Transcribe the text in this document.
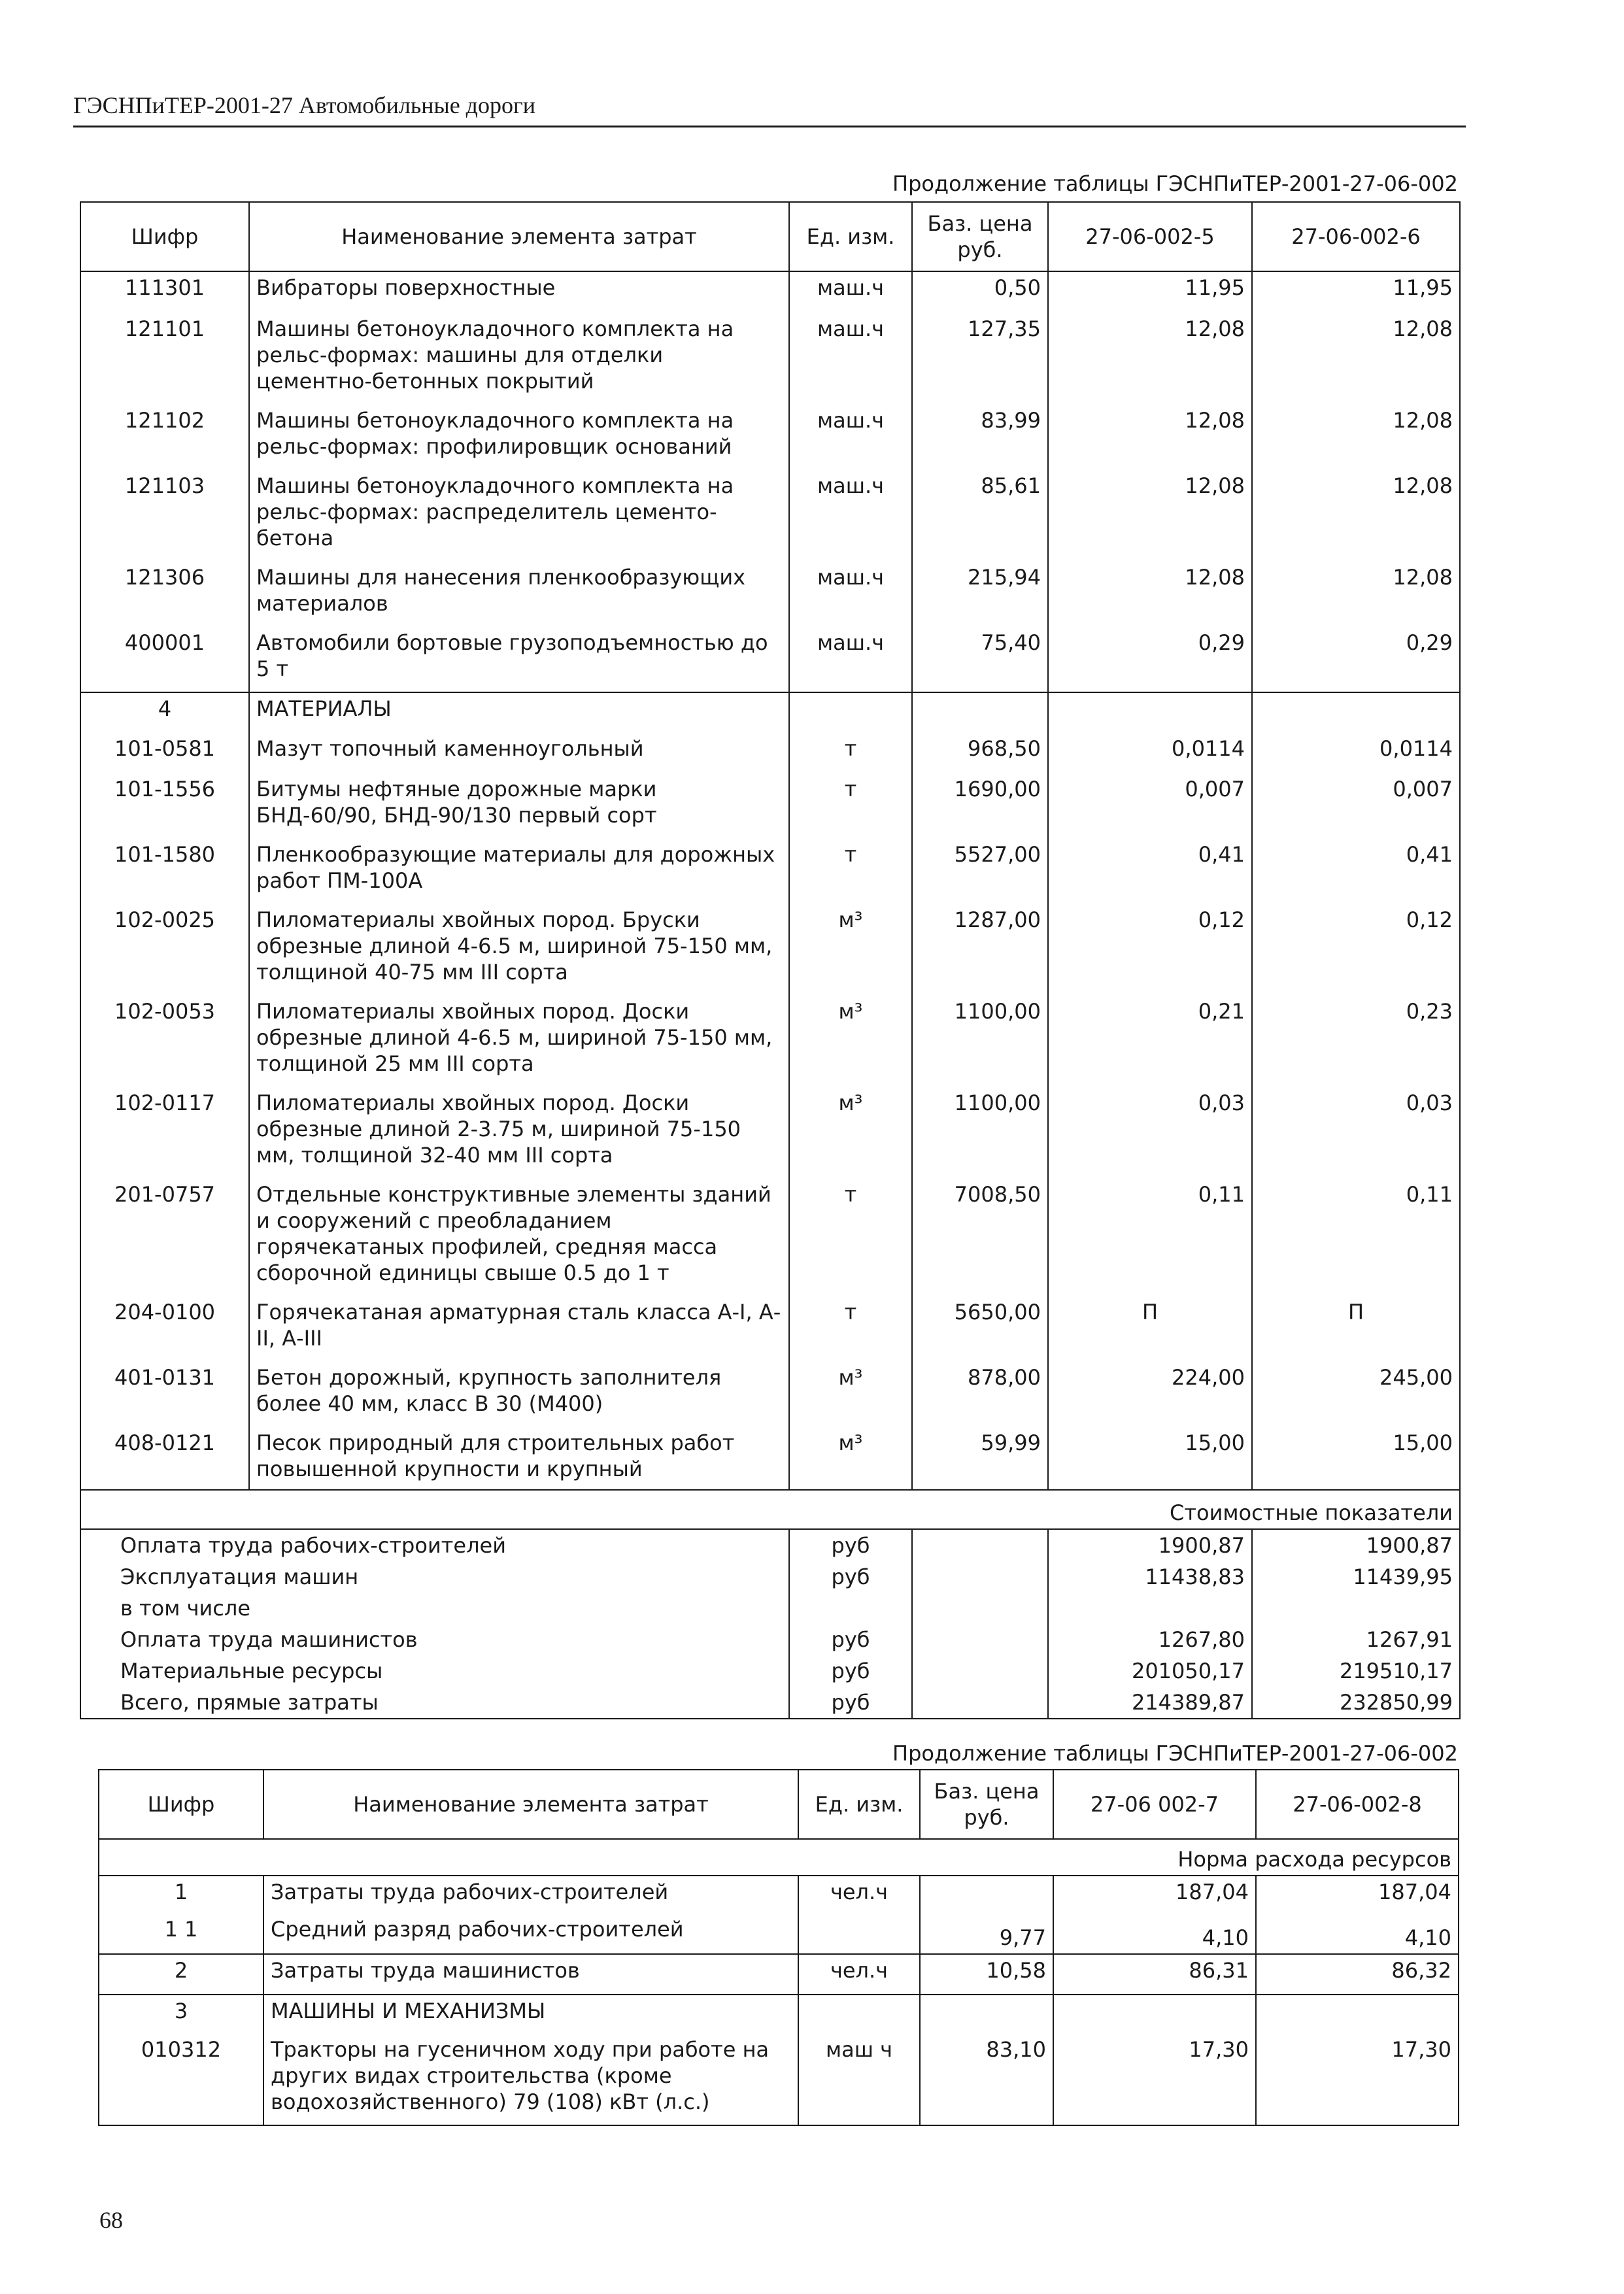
ГЭСНПиТЕР-2001-27 Автомобильные дороги
Продолжение таблицы ГЭСНПиТЕР-2001-27-06-002
Шифр	Наименование элемента затрат	Ед. изм.	Баз. цена руб.	27-06-002-5	27-06-002-6
111301	Вибраторы поверхностные	маш.ч	0,50	11,95	11,95
121101	Машины бетоноукладочного комплекта на рельс-формах: машины для отделки цементно-бетонных покрытий	маш.ч	127,35	12,08	12,08
121102	Машины бетоноукладочного комплекта на рельс-формах: профилировщик оснований	маш.ч	83,99	12,08	12,08
121103	Машины бетоноукладочного комплекта на рельс-формах: распределитель цементо-бетона	маш.ч	85,61	12,08	12,08
121306	Машины для нанесения пленкообразующих материалов	маш.ч	215,94	12,08	12,08
400001	Автомобили бортовые грузоподъемностью до 5 т	маш.ч	75,40	0,29	0,29
4	МАТЕРИАЛЫ				
101-0581	Мазут топочный каменноугольный	т	968,50	0,0114	0,0114
101-1556	Битумы нефтяные дорожные марки БНД-60/90, БНД-90/130 первый сорт	т	1690,00	0,007	0,007
101-1580	Пленкообразующие материалы для дорожных работ ПМ-100А	т	5527,00	0,41	0,41
102-0025	Пиломатериалы хвойных пород. Бруски обрезные длиной 4-6.5 м, шириной 75-150 мм, толщиной 40-75 мм III сорта	м³	1287,00	0,12	0,12
102-0053	Пиломатериалы хвойных пород. Доски обрезные длиной 4-6.5 м, шириной 75-150 мм, толщиной 25 мм III сорта	м³	1100,00	0,21	0,23
102-0117	Пиломатериалы хвойных пород. Доски обрезные длиной 2-3.75 м, шириной 75-150 мм, толщиной 32-40 мм III сорта	м³	1100,00	0,03	0,03
201-0757	Отдельные конструктивные элементы зданий и сооружений с преобладанием горячекатаных профилей, средняя масса сборочной единицы свыше 0.5 до 1 т	т	7008,50	0,11	0,11
204-0100	Горячекатаная арматурная сталь класса А-I, А-II, А-III	т	5650,00	П	П
401-0131	Бетон дорожный, крупность заполнителя более 40 мм, класс В 30 (М400)	м³	878,00	224,00	245,00
408-0121	Песок природный для строительных работ повышенной крупности и крупный	м³	59,99	15,00	15,00
Стоимостные показатели					
Оплата труда рабочих-строителей		руб		1900,87	1900,87
Эксплуатация машин		руб		11438,83	11439,95
в том числе					
Оплата труда машинистов		руб		1267,80	1267,91
Материальные ресурсы		руб		201050,17	219510,17
Всего, прямые затраты		руб		214389,87	232850,99
Продолжение таблицы ГЭСНПиТЕР-2001-27-06-002
Шифр	Наименование элемента затрат	Ед. изм.	Баз. цена руб.	27-06 002-7	27-06-002-8
Норма расхода ресурсов					
1	Затраты труда рабочих-строителей	чел.ч		187,04	187,04
1 1	Средний разряд рабочих-строителей		9,77	4,10	4,10
2	Затраты труда машинистов	чел.ч	10,58	86,31	86,32
3	МАШИНЫ И МЕХАНИЗМЫ				
010312	Тракторы на гусеничном ходу при работе на других видах строительства (кроме водохозяйственного) 79 (108) кВт (л.с.)	маш ч	83,10	17,30	17,30
68
